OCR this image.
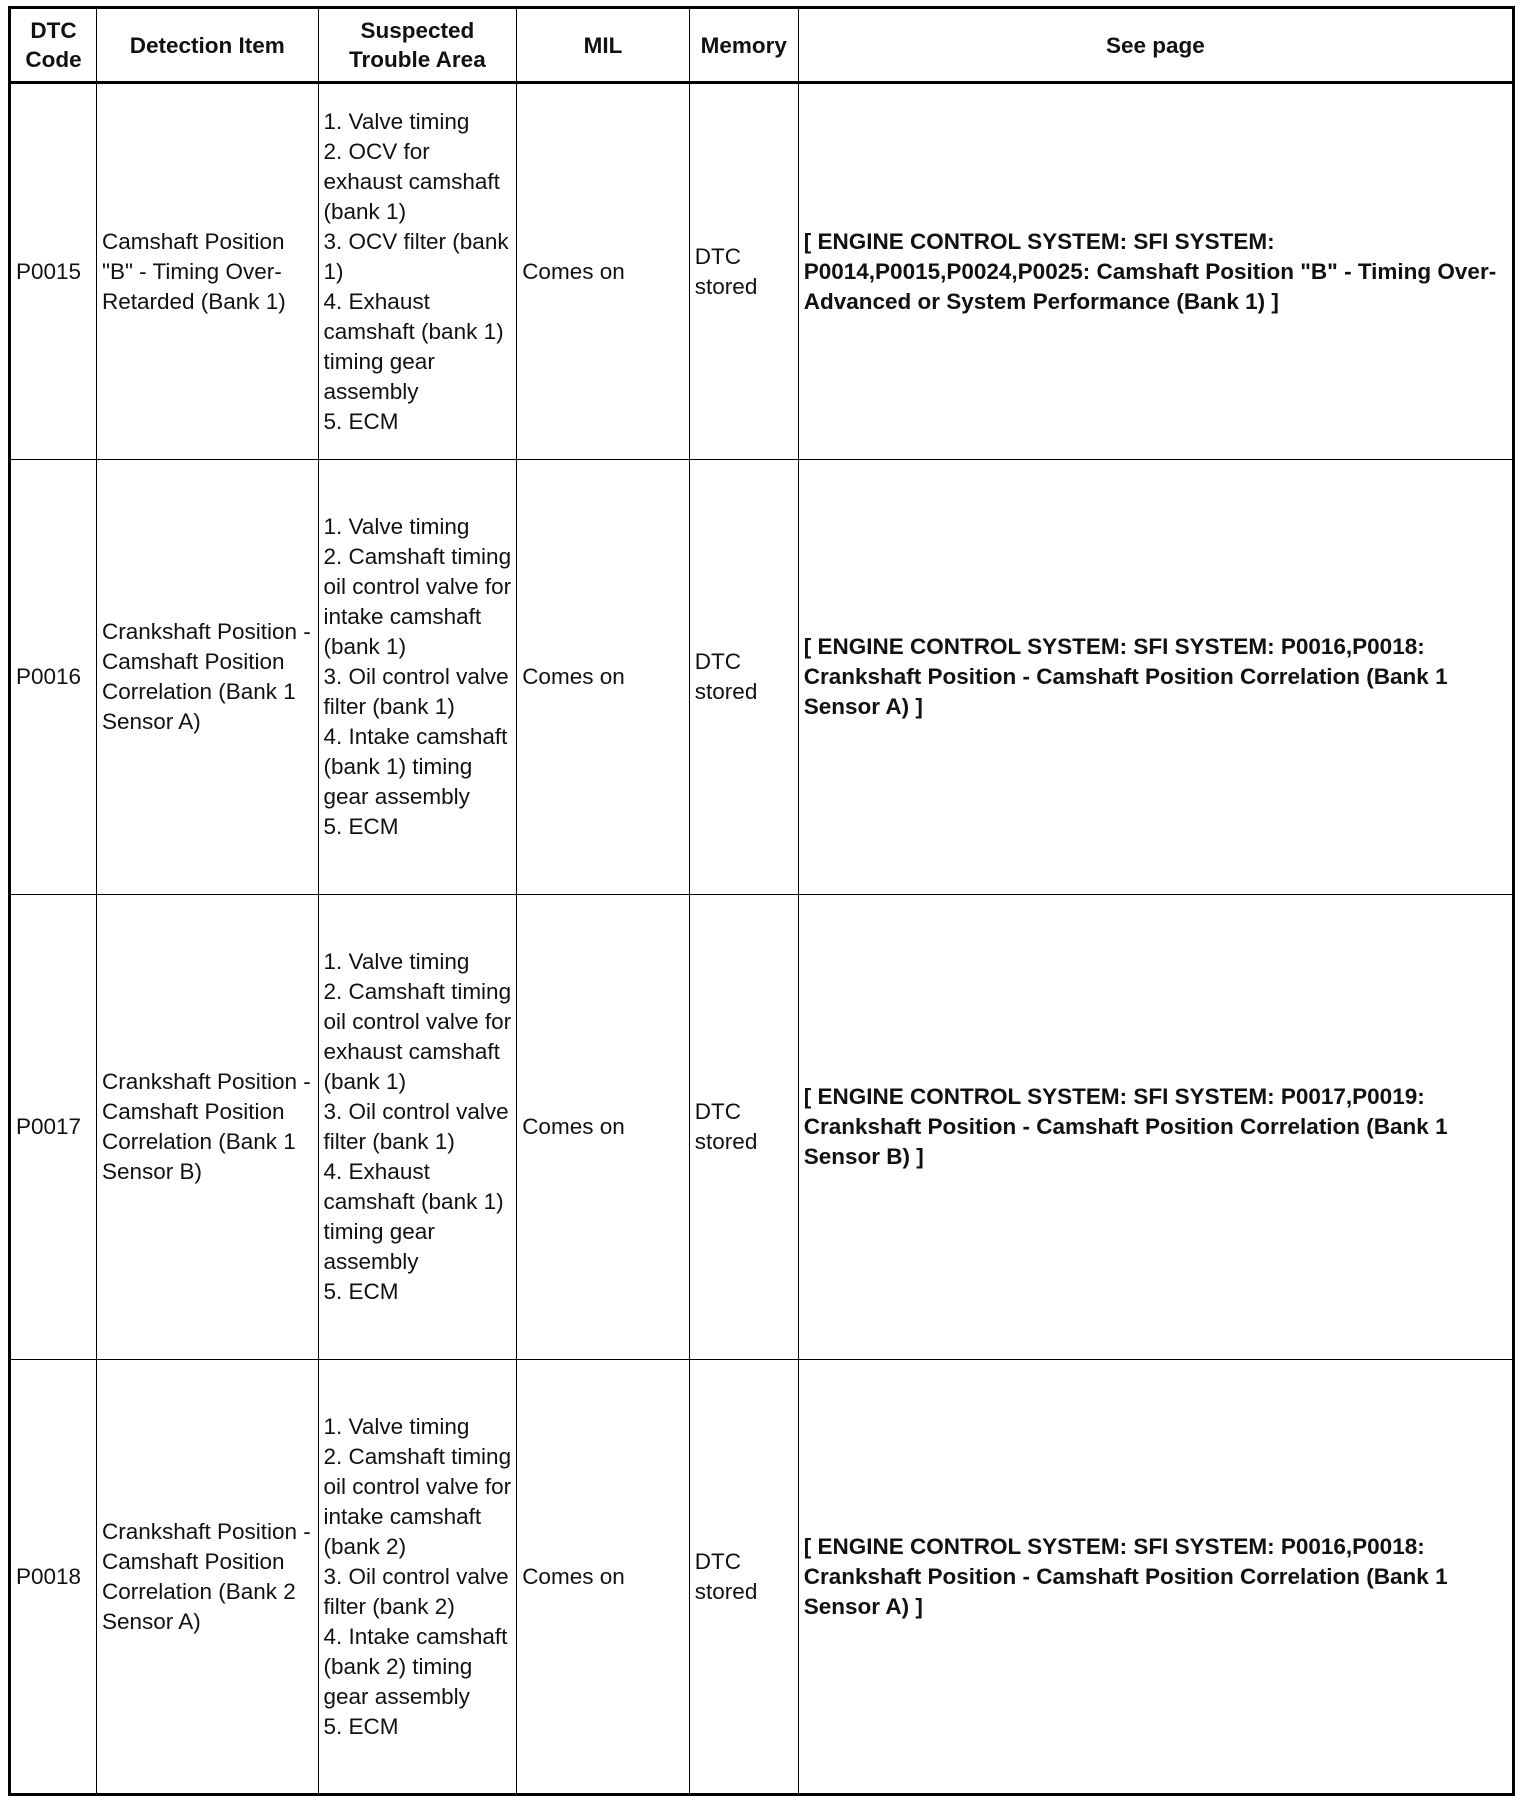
DTC Code	Detection Item	Suspected Trouble Area	MIL	Memory	See page
P0015	Camshaft Position "B" - Timing Over-Retarded (Bank 1)	1. Valve timing
2. OCV for exhaust camshaft (bank 1)
3. OCV filter (bank 1)
4. Exhaust camshaft (bank 1) timing gear assembly
5. ECM	Comes on	DTC stored	[ ENGINE CONTROL SYSTEM: SFI SYSTEM: P0014,P0015,P0024,P0025: Camshaft Position "B" - Timing Over-Advanced or System Performance (Bank 1) ]
P0016	Crankshaft Position - Camshaft Position Correlation (Bank 1 Sensor A)	1. Valve timing
2. Camshaft timing oil control valve for intake camshaft (bank 1)
3. Oil control valve filter (bank 1)
4. Intake camshaft (bank 1) timing gear assembly
5. ECM	Comes on	DTC stored	[ ENGINE CONTROL SYSTEM: SFI SYSTEM: P0016,P0018: Crankshaft Position - Camshaft Position Correlation (Bank 1 Sensor A) ]
P0017	Crankshaft Position - Camshaft Position Correlation (Bank 1 Sensor B)	1. Valve timing
2. Camshaft timing oil control valve for exhaust camshaft (bank 1)
3. Oil control valve filter (bank 1)
4. Exhaust camshaft (bank 1) timing gear assembly
5. ECM	Comes on	DTC stored	[ ENGINE CONTROL SYSTEM: SFI SYSTEM: P0017,P0019: Crankshaft Position - Camshaft Position Correlation (Bank 1 Sensor B) ]
P0018	Crankshaft Position - Camshaft Position Correlation (Bank 2 Sensor A)	1. Valve timing
2. Camshaft timing oil control valve for intake camshaft (bank 2)
3. Oil control valve filter (bank 2)
4. Intake camshaft (bank 2) timing gear assembly
5. ECM	Comes on	DTC stored	[ ENGINE CONTROL SYSTEM: SFI SYSTEM: P0016,P0018: Crankshaft Position - Camshaft Position Correlation (Bank 1 Sensor A) ]
